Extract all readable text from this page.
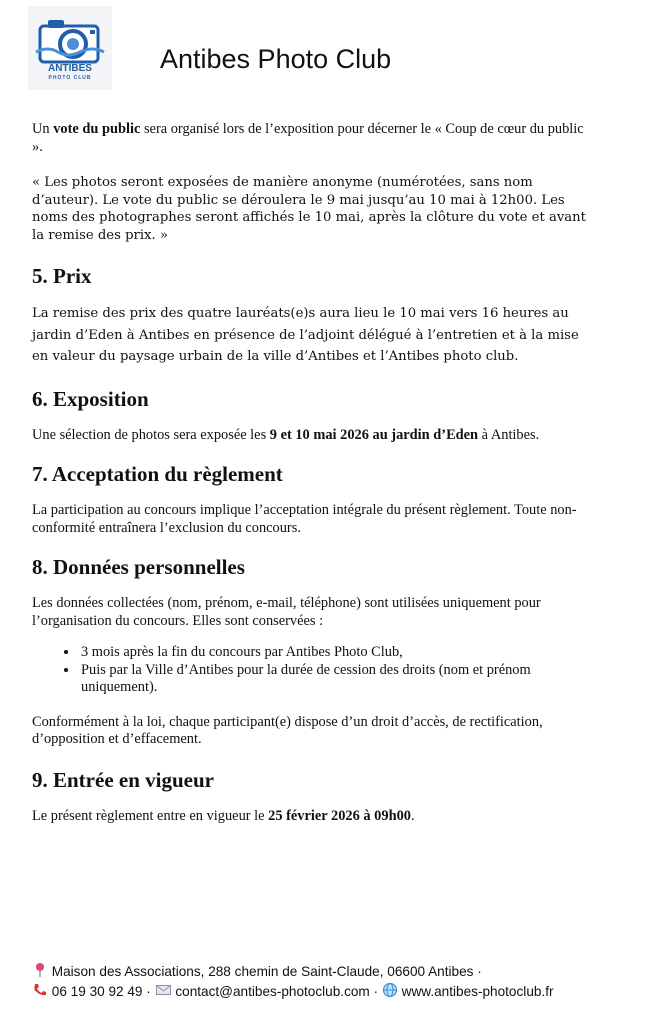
ANTIBES
PHOTO CLUB
Antibes Photo Club

Un vote du public sera organisé lors de l’exposition pour décerner le « Coup de cœur du public ».

« Les photos seront exposées de manière anonyme (numérotées, sans nom d’auteur). Le vote du public se déroulera le 9 mai jusqu’au 10 mai à 12h00. Les noms des photographes seront affichés le 10 mai, après la clôture du vote et avant la remise des prix. »

5. Prix

La remise des prix des quatre lauréats(e)s aura lieu le 10 mai vers 16 heures au jardin d’Eden à Antibes en présence de l’adjoint délégué à l’entretien et à la mise en valeur du paysage urbain de la ville d’Antibes et l’Antibes photo club.

6. Exposition

Une sélection de photos sera exposée les 9 et 10 mai 2026 au jardin d’Eden à Antibes.

7. Acceptation du règlement

La participation au concours implique l’acceptation intégrale du présent règlement. Toute non-conformité entraînera l’exclusion du concours.

8. Données personnelles

Les données collectées (nom, prénom, e-mail, téléphone) sont utilisées uniquement pour l’organisation du concours. Elles sont conservées :

• 3 mois après la fin du concours par Antibes Photo Club,
• Puis par la Ville d’Antibes pour la durée de cession des droits (nom et prénom uniquement).

Conformément à la loi, chaque participant(e) dispose d’un droit d’accès, de rectification, d’opposition et d’effacement.

9. Entrée en vigueur

Le présent règlement entre en vigueur le 25 février 2026 à 09h00.

Maison des Associations, 288 chemin de Saint-Claude, 06600 Antibes ·
06 19 30 92 49 · contact@antibes-photoclub.com · www.antibes-photoclub.fr
